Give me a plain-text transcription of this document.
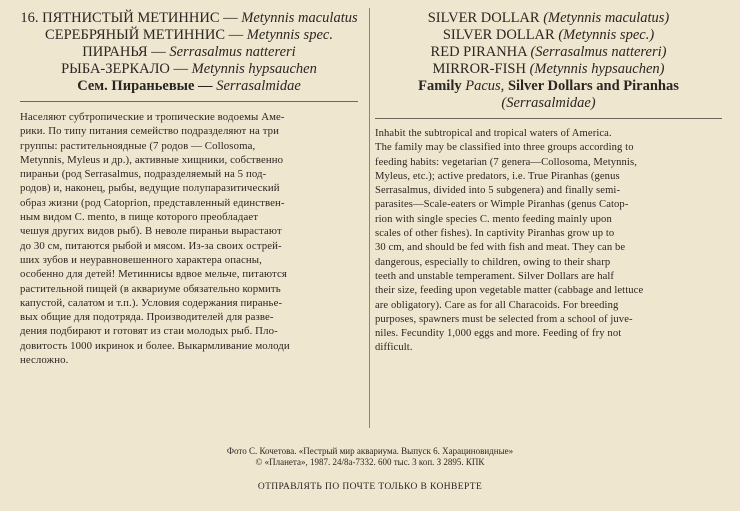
16. ПЯТНИСТЫЙ МЕТИННИС — Metynnis maculatus
СЕРЕБРЯНЫЙ МЕТИННИС — Metynnis spec.
ПИРАНЬЯ — Serrasalmus nattereri
РЫБА-ЗЕРКАЛО — Metynnis hypsauchen
Сем. Пираньевые — Serrasalmidae
Населяют субтропические и тропические водоемы Аме-
рики. По типу питания семейство подразделяют на три
группы: растительноядные (7 родов — Collosoma,
Metynnis, Myleus и др.), активные хищники, собственно
пираньи (род Serrasalmus, подразделяемый на 5 под-
родов) и, наконец, рыбы, ведущие полупаразитический
образ жизни (род Catoprion, представленный единствен-
ным видом C. mento, в пище которого преобладает
чешуя других видов рыб). В неволе пираньи вырастают
до 30 см, питаются рыбой и мясом. Из-за своих острей-
ших зубов и неуравновешенного характера опасны,
особенно для детей! Метиннисы вдвое мельче, питаются
растительной пищей (в аквариуме обязательно кормить
капустой, салатом и т.п.). Условия содержания пиранье-
вых общие для подотряда. Производителей для разве-
дения подбирают и готовят из стаи молодых рыб. Пло-
довитость 1000 икринок и более. Выкармливание молоди
несложно.
SILVER DOLLAR (Metynnis maculatus)
SILVER DOLLAR (Metynnis spec.)
RED PIRANHA (Serrasalmus nattereri)
MIRROR-FISH (Metynnis hypsauchen)
Family Pacus, Silver Dollars and Piranhas
(Serrasalmidae)
Inhabit the subtropical and tropical waters of America.
The family may be classified into three groups according to
feeding habits: vegetarian (7 genera—Collosoma, Metynnis,
Myleus, etc.); active predators, i.e. True Piranhas (genus
Serrasalmus, divided into 5 subgenera) and finally semi-
parasites—Scale-eaters or Wimple Piranhas (genus Catop-
rion with single species C. mento feeding mainly upon
scales of other fishes). In captivity Piranhas grow up to
30 cm, and should be fed with fish and meat. They can be
dangerous, especially to children, owing to their sharp
teeth and unstable temperament. Silver Dollars are half
their size, feeding upon vegetable matter (cabbage and lettuce
are obligatory). Care as for all Characoids. For breeding
purposes, spawners must be selected from a school of juve-
niles. Fecundity 1,000 eggs and more. Feeding of fry not
difficult.
Фото С. Кочетова. «Пестрый мир аквариума. Выпуск 6. Харациновидные»
© «Планета», 1987. 24/8а-7332. 600 тыс. 3 коп. З 2895. КПК
ОТПРАВЛЯТЬ ПО ПОЧТЕ ТОЛЬКО В КОНВЕРТЕ
